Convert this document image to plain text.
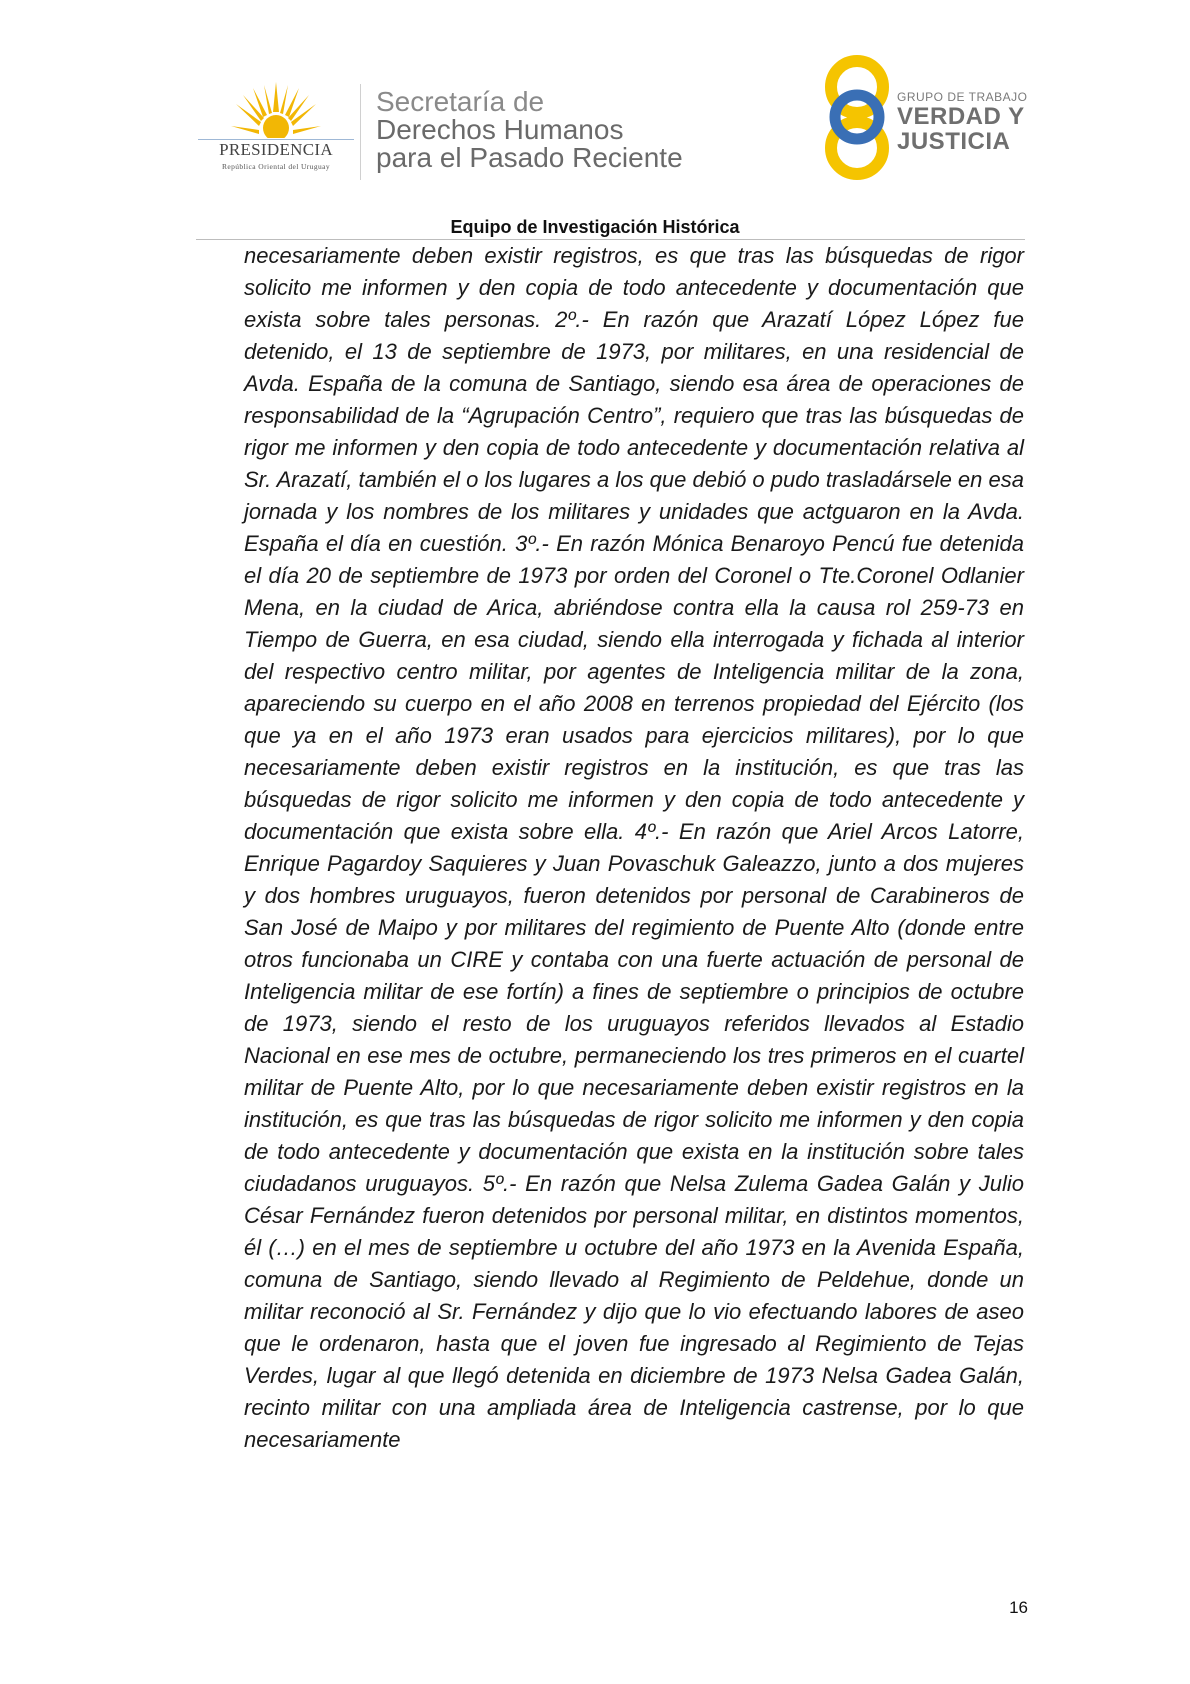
PRESIDENCIA
República Oriental del Uruguay
Secretaría de
Derechos Humanos
para el Pasado Reciente
GRUPO DE TRABAJO
VERDAD Y
JUSTICIA
Equipo de Investigación Histórica
necesariamente deben existir registros, es que tras las búsquedas de rigor solicito me informen y den copia de todo antecedente y documentación que exista sobre tales personas. 2º.- En razón que Arazatí López López fue detenido, el 13 de septiembre de 1973, por militares, en una residencial de Avda. España de la comuna de Santiago, siendo esa área de operaciones de responsabilidad de la “Agrupación Centro”, requiero que tras las búsquedas de rigor me informen y den copia de todo antecedente y documentación relativa al Sr. Arazatí, también el o los lugares a los que debió o pudo trasladársele en esa jornada y los nombres de los militares y unidades que actguaron en la Avda. España el día en cuestión. 3º.- En razón Mónica Benaroyo Pencú fue detenida el día 20 de septiembre de 1973 por orden del Coronel o Tte.Coronel Odlanier Mena, en la ciudad de Arica, abriéndose contra ella la causa rol 259-73 en Tiempo de Guerra, en esa ciudad, siendo ella interrogada y fichada al interior del respectivo centro militar, por agentes de Inteligencia militar de la zona, apareciendo su cuerpo en el año 2008 en terrenos propiedad del Ejército (los que ya en el año 1973 eran usados para ejercicios militares), por lo que necesariamente deben existir registros en la institución, es que tras las búsquedas de rigor solicito me informen y den copia de todo antecedente y documentación que exista sobre ella. 4º.- En razón que Ariel Arcos Latorre, Enrique Pagardoy Saquieres y Juan Povaschuk Galeazzo, junto a dos mujeres y dos hombres uruguayos, fueron detenidos por personal de Carabineros de San José de Maipo y por militares del regimiento de Puente Alto (donde entre otros funcionaba un CIRE y contaba con una fuerte actuación de personal de Inteligencia militar de ese fortín) a fines de septiembre o principios de octubre de 1973, siendo el resto de los uruguayos referidos llevados al Estadio Nacional en ese mes de octubre, permaneciendo los tres primeros en el cuartel militar de Puente Alto, por lo que necesariamente deben existir registros en la institución, es que tras las búsquedas de rigor solicito me informen y den copia de todo antecedente y documentación que exista en la institución sobre tales ciudadanos uruguayos. 5º.- En razón que Nelsa Zulema Gadea Galán y Julio César Fernández fueron detenidos por personal militar, en distintos momentos, él (…) en el mes de septiembre u octubre del año 1973 en la Avenida España, comuna de Santiago, siendo llevado al Regimiento de Peldehue, donde un militar reconoció al Sr. Fernández y dijo que lo vio efectuando labores de aseo que le ordenaron, hasta que el joven fue ingresado al Regimiento de Tejas Verdes, lugar al que llegó detenida en diciembre de 1973 Nelsa Gadea Galán, recinto militar con una ampliada área de Inteligencia castrense, por lo que necesariamente
16
